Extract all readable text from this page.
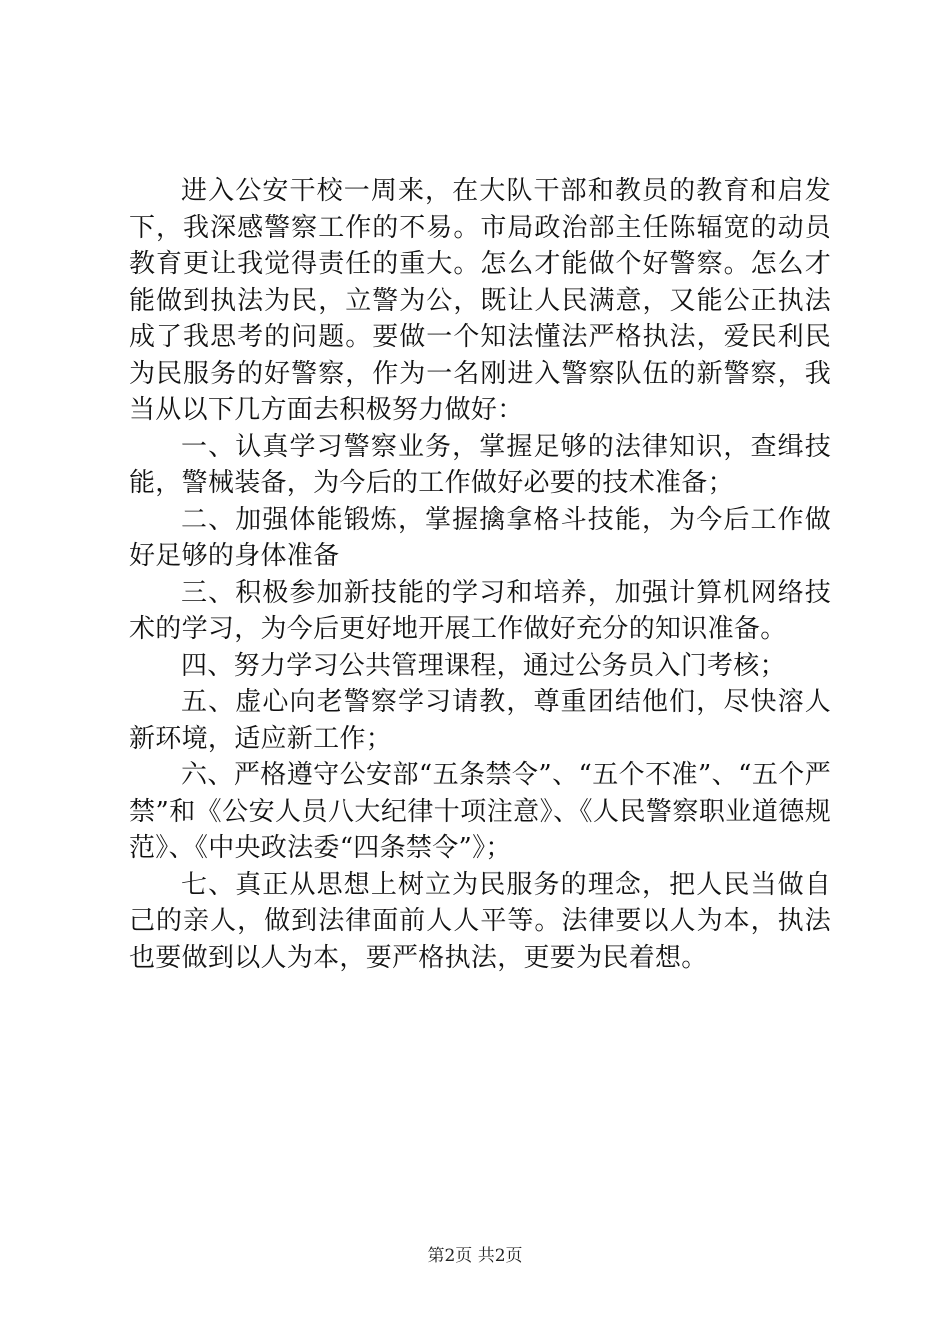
进入公安干校一周来，在大队干部和教员的教育和启发下，我深感警察工作的不易。市局政治部主任陈辐宽的动员教育更让我觉得责任的重大。怎么才能做个好警察。怎么才能做到执法为民，立警为公，既让人民满意，又能公正执法成了我思考的问题。要做一个知法懂法严格执法，爱民利民为民服务的好警察，作为一名刚进入警察队伍的新警察，我当从以下几方面去积极努力做好：

一、认真学习警察业务，掌握足够的法律知识，查缉技能，警械装备，为今后的工作做好必要的技术准备；

二、加强体能锻炼，掌握擒拿格斗技能，为今后工作做好足够的身体准备

三、积极参加新技能的学习和培养，加强计算机网络技术的学习，为今后更好地开展工作做好充分的知识准备。

四、努力学习公共管理课程，通过公务员入门考核；

五、虚心向老警察学习请教，尊重团结他们，尽快溶人新环境，适应新工作；

六、严格遵守公安部“五条禁令”、“五个不准”、“五个严禁”和《公安人员八大纪律十项注意》、《人民警察职业道德规范》、《中央政法委“四条禁令”》；

七、真正从思想上树立为民服务的理念，把人民当做自己的亲人，做到法律面前人人平等。法律要以人为本，执法也要做到以人为本，要严格执法，更要为民着想。

第2页 共2页
